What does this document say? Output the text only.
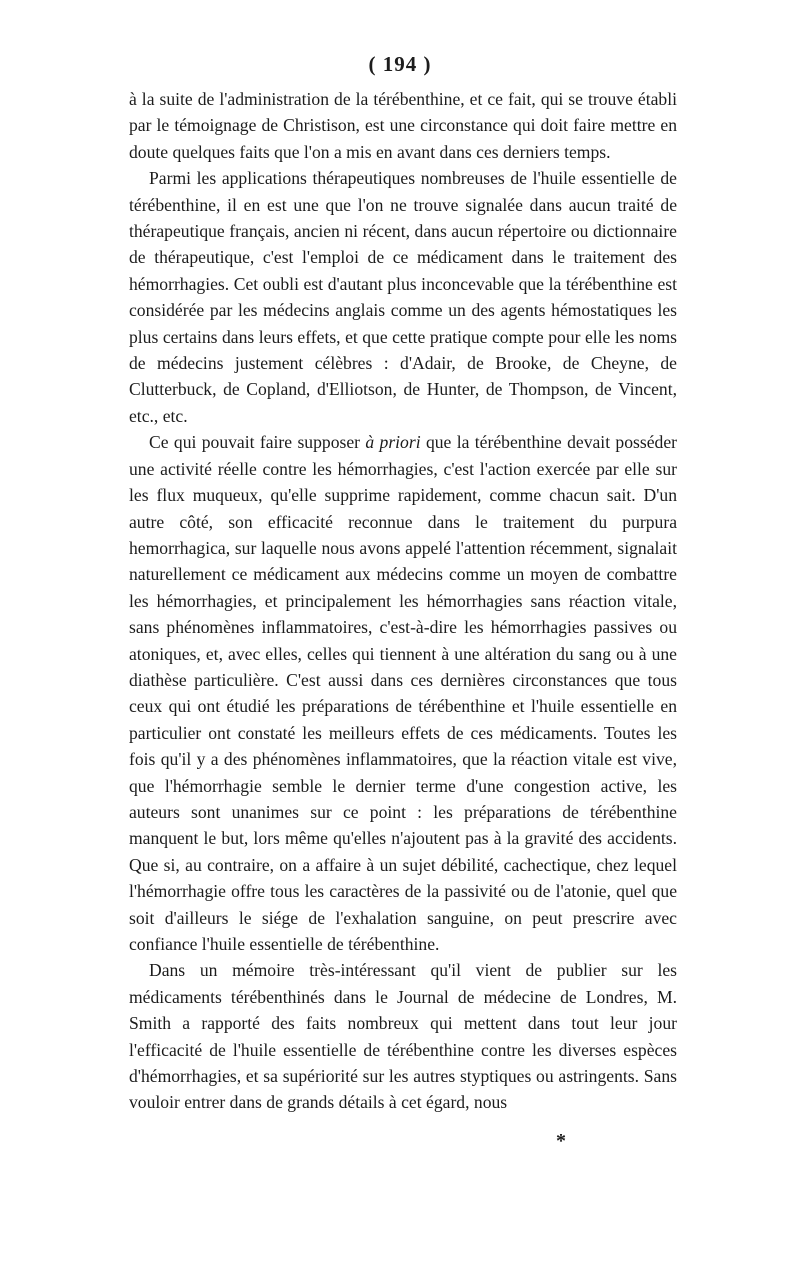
( 194 )

à la suite de l'administration de la térébenthine, et ce fait, qui se trouve établi par le témoignage de Christison, est une circonstance qui doit faire mettre en doute quelques faits que l'on a mis en avant dans ces derniers temps.

Parmi les applications thérapeutiques nombreuses de l'huile essentielle de térébenthine, il en est une que l'on ne trouve signalée dans aucun traité de thérapeutique français, ancien ni récent, dans aucun répertoire ou dictionnaire de thérapeutique, c'est l'emploi de ce médicament dans le traitement des hémorrhagies. Cet oubli est d'autant plus inconcevable que la térébenthine est considérée par les médecins anglais comme un des agents hémostatiques les plus certains dans leurs effets, et que cette pratique compte pour elle les noms de médecins justement célèbres : d'Adair, de Brooke, de Cheyne, de Clutterbuck, de Copland, d'Elliotson, de Hunter, de Thompson, de Vincent, etc., etc.

Ce qui pouvait faire supposer à priori que la térébenthine devait posséder une activité réelle contre les hémorrhagies, c'est l'action exercée par elle sur les flux muqueux, qu'elle supprime rapidement, comme chacun sait. D'un autre côté, son efficacité reconnue dans le traitement du purpura hemorrhagica, sur laquelle nous avons appelé l'attention récemment, signalait naturellement ce médicament aux médecins comme un moyen de combattre les hémorrhagies, et principalement les hémorrhagies sans réaction vitale, sans phénomènes inflammatoires, c'est-à-dire les hémorrhagies passives ou atoniques, et, avec elles, celles qui tiennent à une altération du sang ou à une diathèse particulière. C'est aussi dans ces dernières circonstances que tous ceux qui ont étudié les préparations de térébenthine et l'huile essentielle en particulier ont constaté les meilleurs effets de ces médicaments. Toutes les fois qu'il y a des phénomènes inflammatoires, que la réaction vitale est vive, que l'hémorrhagie semble le dernier terme d'une congestion active, les auteurs sont unanimes sur ce point : les préparations de térébenthine manquent le but, lors même qu'elles n'ajoutent pas à la gravité des accidents. Que si, au contraire, on a affaire à un sujet débilité, cachectique, chez lequel l'hémorrhagie offre tous les caractères de la passivité ou de l'atonie, quel que soit d'ailleurs le siége de l'exhalation sanguine, on peut prescrire avec confiance l'huile essentielle de térébenthine.

Dans un mémoire très-intéressant qu'il vient de publier sur les médicaments térébenthinés dans le Journal de médecine de Londres, M. Smith a rapporté des faits nombreux qui mettent dans tout leur jour l'efficacité de l'huile essentielle de térébenthine contre les diverses espèces d'hémorrhagies, et sa supériorité sur les autres styptiques ou astringents. Sans vouloir entrer dans de grands détails à cet égard, nous

*
